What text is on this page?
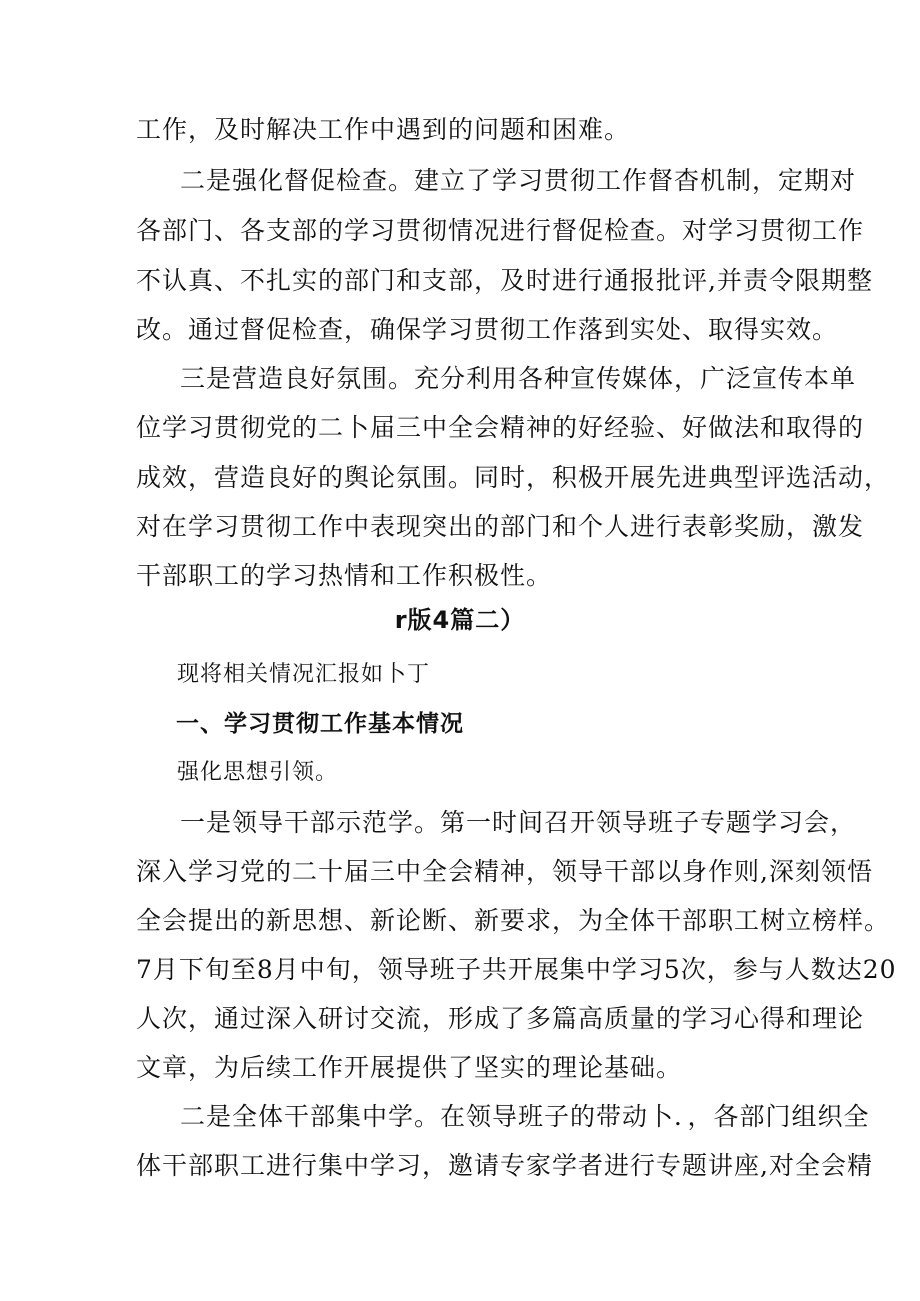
工作，及时解决工作中遇到的问题和困难。
二是强化督促检查。建立了学习贯彻工作督杳机制，定期对
各部门、各支部的学习贯彻情况进行督促检查。对学习贯彻工作
不认真、不扎实的部门和支部，及时进行通报批评,并责令限期整
改。通过督促检查，确保学习贯彻工作落到实处、取得实效。
三是营造良好氛围。充分利用各种宣传媒体，广泛宣传本单
位学习贯彻党的二卜届三中全会精神的好经验、好做法和取得的
成效，营造良好的舆论氛围。同时，积极开展先进典型评选活动，
对在学习贯彻工作中表现突出的部门和个人进行表彰奖励，激发
干部职工的学习热情和工作积极性。
r版4篇二）
现将相关情况汇报如卜丁
一、学习贯彻工作基本情况
强化思想引领。
一是领导干部示范学。第一时间召开领导班子专题学习会，
深入学习党的二十届三中全会精神，领导干部以身作则,深刻领悟
全会提出的新思想、新论断、新要求，为全体干部职工树立榜样。
7月下旬至8月中旬，领导班子共开展集中学习5次，参与人数达20
人次，通过深入研讨交流，形成了多篇高质量的学习心得和理论
文章，为后续工作开展提供了坚实的理论基础。
二是全体干部集中学。在领导班子的带动卜．，各部门组织全
体干部职工进行集中学习，邀请专家学者进行专题讲座,对全会精
